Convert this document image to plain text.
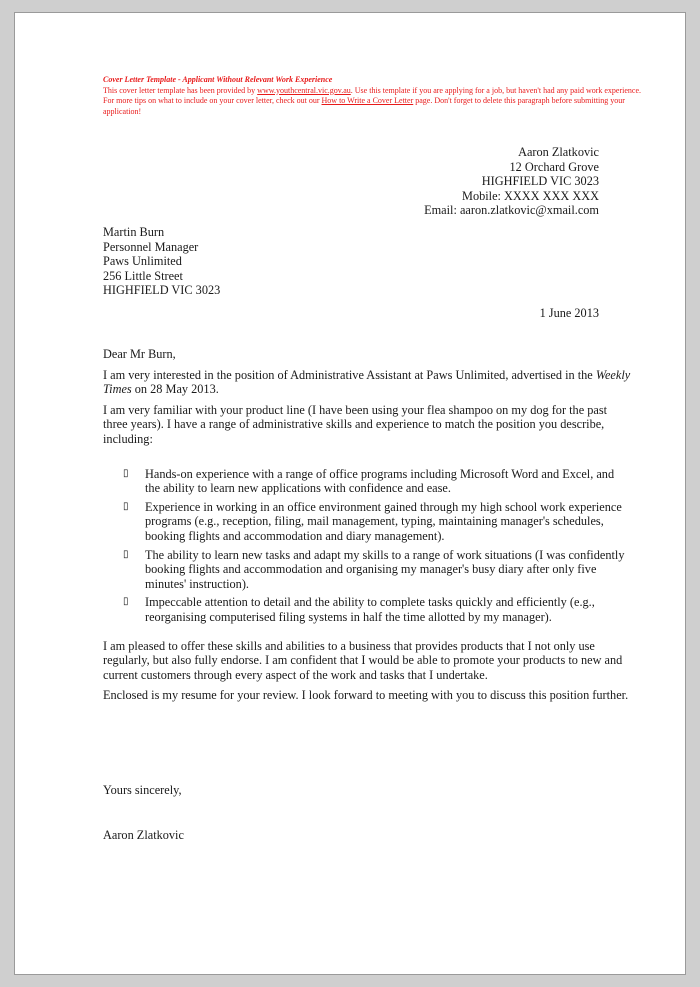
Cover Letter Template - Applicant Without Relevant Work Experience

This cover letter template has been provided by www.youthcentral.vic.gov.au. Use this template if you are applying for a job, but haven't had any paid work experience. For more tips on what to include on your cover letter, check out our How to Write a Cover Letter page. Don't forget to delete this paragraph before submitting your application!

Aaron Zlatkovic
12 Orchard Grove
HIGHFIELD VIC 3023
Mobile: XXXX XXX XXX
Email: aaron.zlatkovic@xmail.com
Martin Burn
Personnel Manager
Paws Unlimited
256 Little Street
HIGHFIELD VIC 3023
1 June 2013

Dear Mr Burn,

I am very interested in the position of Administrative Assistant at Paws Unlimited, advertised in the Weekly Times on 28 May 2013.

I am very familiar with your product line (I have been using your flea shampoo on my dog for the past three years). I have a range of administrative skills and experience to match the position you describe, including:

▯ Hands-on experience with a range of office programs including Microsoft Word and Excel, and the ability to learn new applications with confidence and ease.
▯ Experience in working in an office environment gained through my high school work experience programs (e.g., reception, filing, mail management, typing, maintaining manager's schedules, booking flights and accommodation and diary management).
▯ The ability to learn new tasks and adapt my skills to a range of work situations (I was confidently booking flights and accommodation and organising my manager's busy diary after only five minutes' instruction).
▯ Impeccable attention to detail and the ability to complete tasks quickly and efficiently (e.g., reorganising computerised filing systems in half the time allotted by my manager).

I am pleased to offer these skills and abilities to a business that provides products that I not only use regularly, but also fully endorse. I am confident that I would be able to promote your products to new and current customers through every aspect of the work and tasks that I undertake.

Enclosed is my resume for your review. I look forward to meeting with you to discuss this position further.

Yours sincerely,
Aaron Zlatkovic
